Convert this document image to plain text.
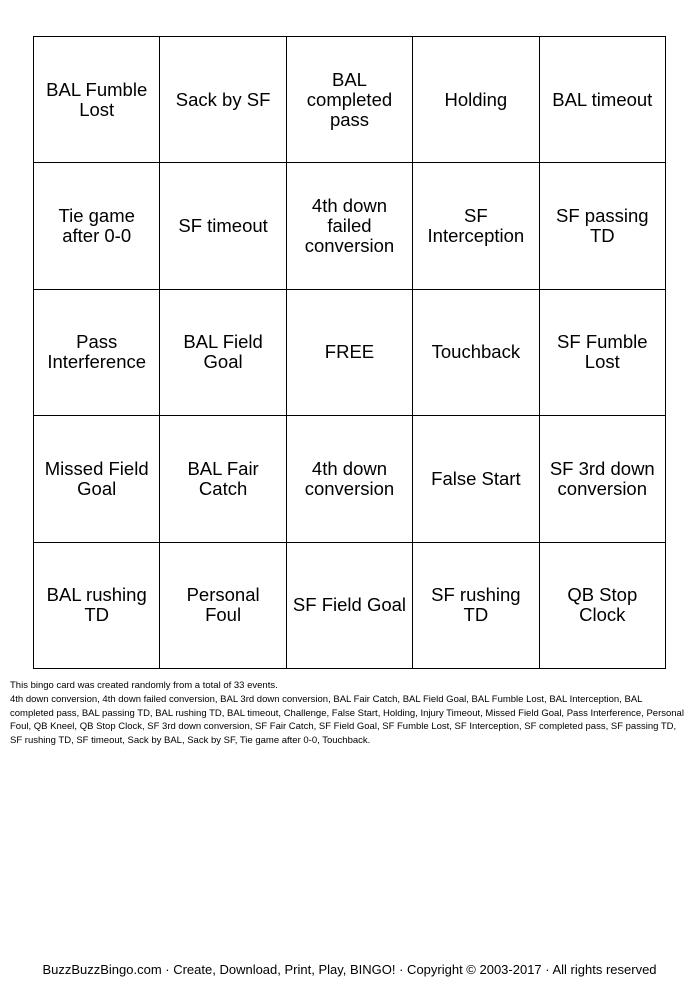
BAL Fumble Lost	Sack by SF	BAL completed pass	Holding	BAL timeout

Tie game after 0-0	SF timeout	4th down failed conversion	SF Interception	SF passing TD

Pass Interference	BAL Field Goal	FREE	Touchback	SF Fumble Lost

Missed Field Goal	BAL Fair Catch	4th down conversion	False Start	SF 3rd down conversion

BAL rushing TD	Personal Foul	SF Field Goal	SF rushing TD	QB Stop Clock

This bingo card was created randomly from a total of 33 events.

4th down conversion, 4th down failed conversion, BAL 3rd down conversion, BAL Fair Catch, BAL Field Goal, BAL Fumble Lost, BAL Interception, BAL completed pass, BAL passing TD, BAL rushing TD, BAL timeout, Challenge, False Start, Holding, Injury Timeout, Missed Field Goal, Pass Interference, Personal Foul, QB Kneel, QB Stop Clock, SF 3rd down conversion, SF Fair Catch, SF Field Goal, SF Fumble Lost, SF Interception, SF completed pass, SF passing TD, SF rushing TD, SF timeout, Sack by BAL, Sack by SF, Tie game after 0-0, Touchback.

BuzzBuzzBingo.com · Create, Download, Print, Play, BINGO! · Copyright © 2003-2017 · All rights reserved
